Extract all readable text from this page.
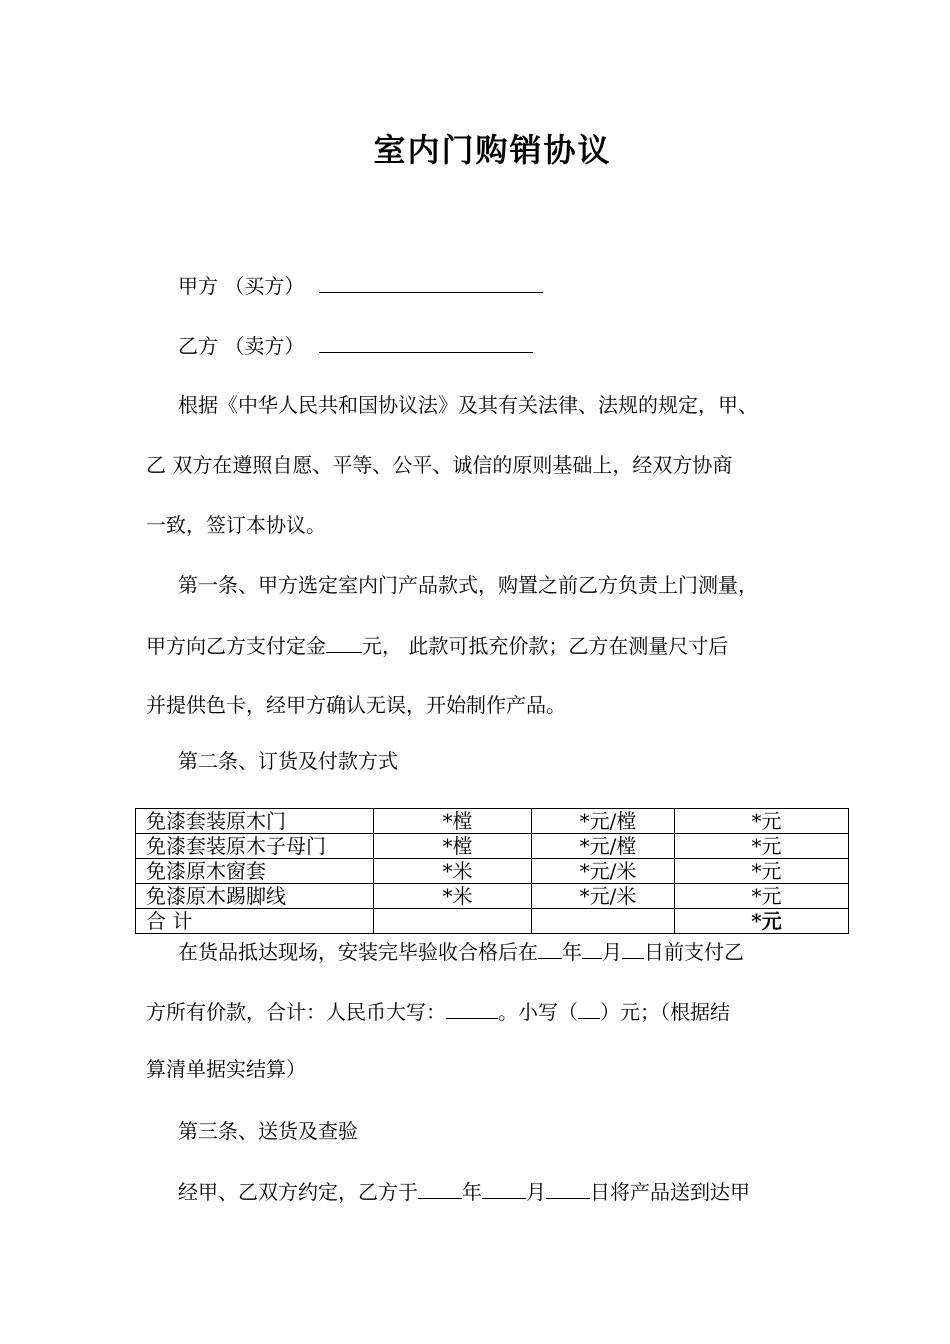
室内门购销协议
甲方 （买方）
乙方 （卖方）
根据《中华人民共和国协议法》及其有关法律、法规的规定，甲、
乙 双方在遵照自愿、平等、公平、诚信的原则基础上，经双方协商
一致，签订本协议。
第一条、甲方选定室内门产品款式，购置之前乙方负责上门测量，
甲方向乙方支付定金 元， 此款可抵充价款；乙方在测量尺寸后
并提供色卡，经甲方确认无误，开始制作产品。
第二条、订货及付款方式
免漆套装原木门	*樘	*元/樘	*元
免漆套装原木子母门	*樘	*元/樘	*元
免漆原木窗套	*米	*元/米	*元
免漆原木踢脚线	*米	*元/米	*元
合 计			*元
在货品抵达现场，安装完毕验收合格后在 年 月 日前支付乙
方所有价款，合计：人民币大写：	。小写（ ）元；（根据结
算清单据实结算）
第三条、送货及查验
经甲、乙双方约定，乙方于 年 月 日将产品送到达甲
